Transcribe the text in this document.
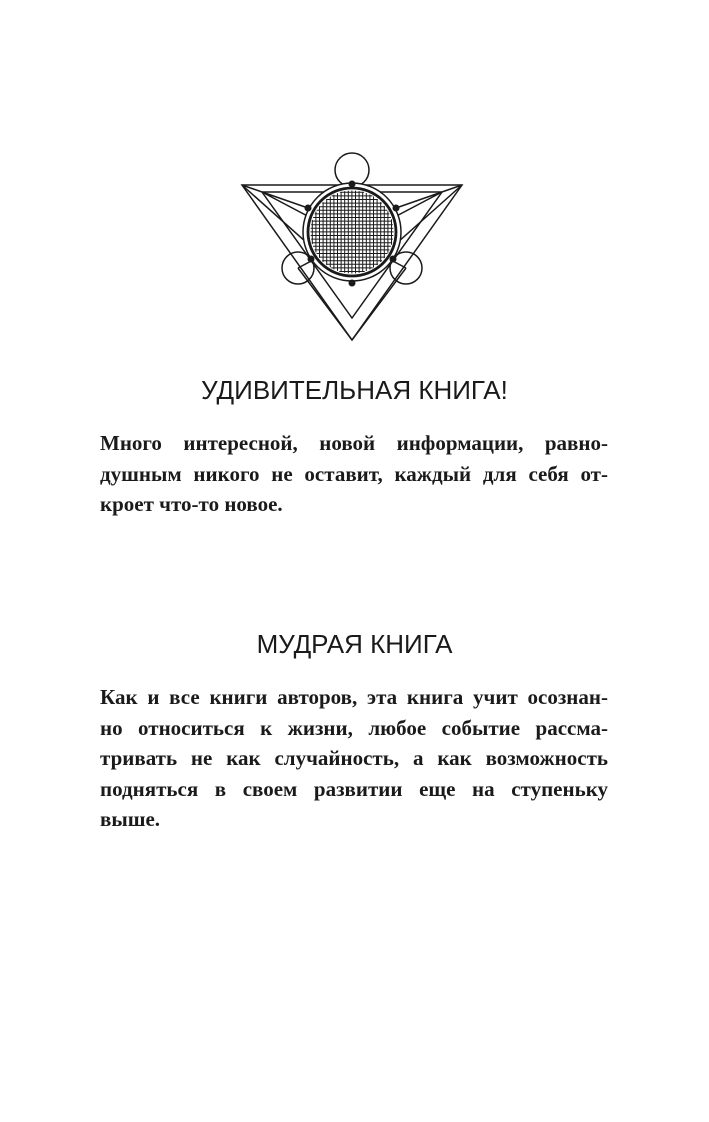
УДИВИТЕЛЬНАЯ КНИГА!
Много интересной, новой информации, равно-
душным никого не оставит, каждый для себя от-
кроет что-то новое.
МУДРАЯ КНИГА
Как и все книги авторов, эта книга учит осознан-
но относиться к жизни, любое событие рассма-
тривать не как случайность, а как возможность
подняться в своем развитии еще на ступеньку
выше.
